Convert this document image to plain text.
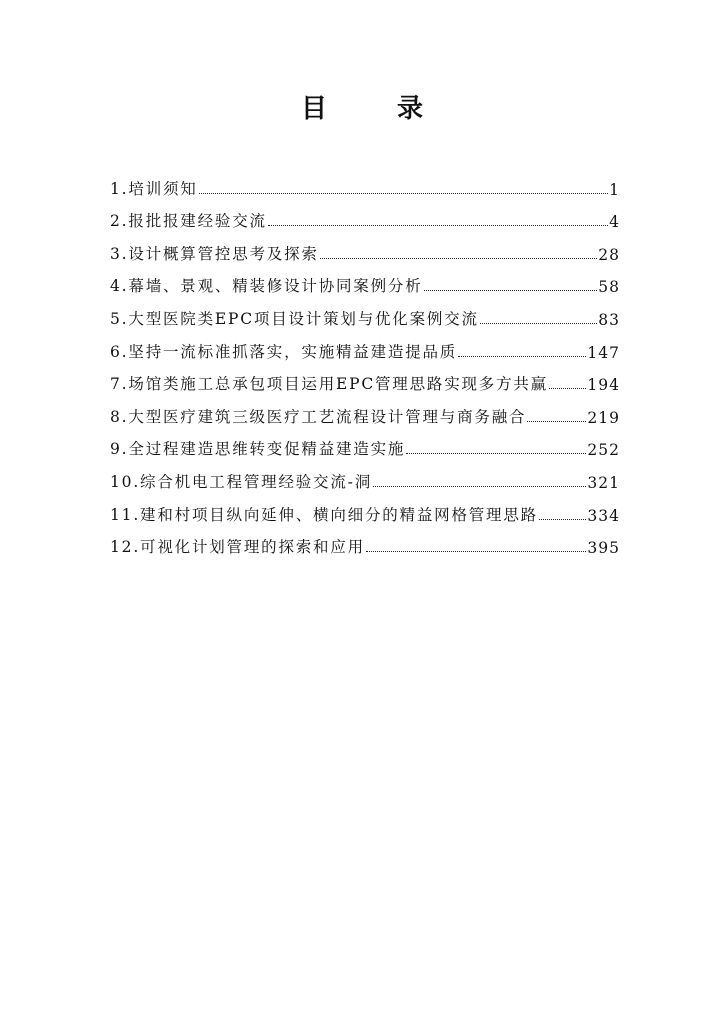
目　录
1.培训须知	1
2.报批报建经验交流	4
3.设计概算管控思考及探索	28
4.幕墙、景观、精装修设计协同案例分析	58
5.大型医院类EPC项目设计策划与优化案例交流	83
6.坚持一流标准抓落实，实施精益建造提品质	147
7.场馆类施工总承包项目运用EPC管理思路实现多方共赢	194
8.大型医疗建筑三级医疗工艺流程设计管理与商务融合	219
9.全过程建造思维转变促精益建造实施	252
10.综合机电工程管理经验交流-洞	321
11.建和村项目纵向延伸、横向细分的精益网格管理思路	334
12.可视化计划管理的探索和应用	395
